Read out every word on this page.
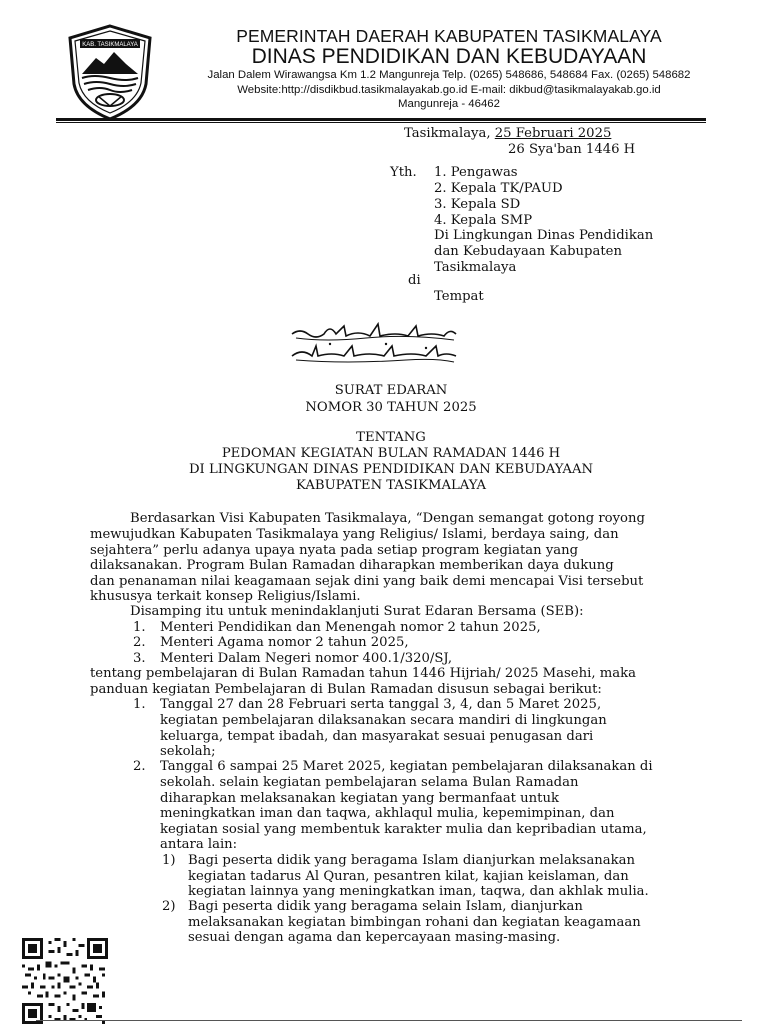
KAB. TASIKMALAYA	PEMERINTAH DAERAH KABUPATEN TASIKMALAYA
DINAS PENDIDIKAN DAN KEBUDAYAAN
Jalan Dalem Wirawangsa Km 1.2 Mangunreja Telp. (0265) 548686, 548684 Fax. (0265) 548682
Website:http://disdikbud.tasikmalayakab.go.id E-mail: dikbud@tasikmalayakab.go.id
Mangunreja - 46462
Tasikmalaya, 25 Februari 2025
26 Sya'ban 1446 H
Yth. 1. Pengawas
2. Kepala TK/PAUD
3. Kepala SD
4. Kepala SMP
Di Lingkungan Dinas Pendidikan
dan Kebudayaan Kabupaten
Tasikmalaya
di
Tempat
SURAT EDARAN
NOMOR 30 TAHUN 2025
TENTANG
PEDOMAN KEGIATAN BULAN RAMADAN 1446 H
DI LINGKUNGAN DINAS PENDIDIKAN DAN KEBUDAYAAN
KABUPATEN TASIKMALAYA
Berdasarkan Visi Kabupaten Tasikmalaya, “Dengan semangat gotong royong
mewujudkan Kabupaten Tasikmalaya yang Religius/ Islami, berdaya saing, dan
sejahtera” perlu adanya upaya nyata pada setiap program kegiatan yang
dilaksanakan. Program Bulan Ramadan diharapkan memberikan daya dukung
dan penanaman nilai keagamaan sejak dini yang baik demi mencapai Visi tersebut
khususya terkait konsep Religius/Islami.
Disamping itu untuk menindaklanjuti Surat Edaran Bersama (SEB):
1. Menteri Pendidikan dan Menengah nomor 2 tahun 2025,
2. Menteri Agama nomor 2 tahun 2025,
3. Menteri Dalam Negeri nomor 400.1/320/SJ,
tentang pembelajaran di Bulan Ramadan tahun 1446 Hijriah/ 2025 Masehi, maka
panduan kegiatan Pembelajaran di Bulan Ramadan disusun sebagai berikut:
1. Tanggal 27 dan 28 Februari serta tanggal 3, 4, dan 5 Maret 2025,
kegiatan pembelajaran dilaksanakan secara mandiri di lingkungan
keluarga, tempat ibadah, dan masyarakat sesuai penugasan dari
sekolah;
2. Tanggal 6 sampai 25 Maret 2025, kegiatan pembelajaran dilaksanakan di
sekolah. selain kegiatan pembelajaran selama Bulan Ramadan
diharapkan melaksanakan kegiatan yang bermanfaat untuk
meningkatkan iman dan taqwa, akhlaqul mulia, kepemimpinan, dan
kegiatan sosial yang membentuk karakter mulia dan kepribadian utama,
antara lain:
1) Bagi peserta didik yang beragama Islam dianjurkan melaksanakan
kegiatan tadarus Al Quran, pesantren kilat, kajian keislaman, dan
kegiatan lainnya yang meningkatkan iman, taqwa, dan akhlak mulia.
2) Bagi peserta didik yang beragama selain Islam, dianjurkan
melaksanakan kegiatan bimbingan rohani dan kegiatan keagamaan
sesuai dengan agama dan kepercayaan masing-masing.
